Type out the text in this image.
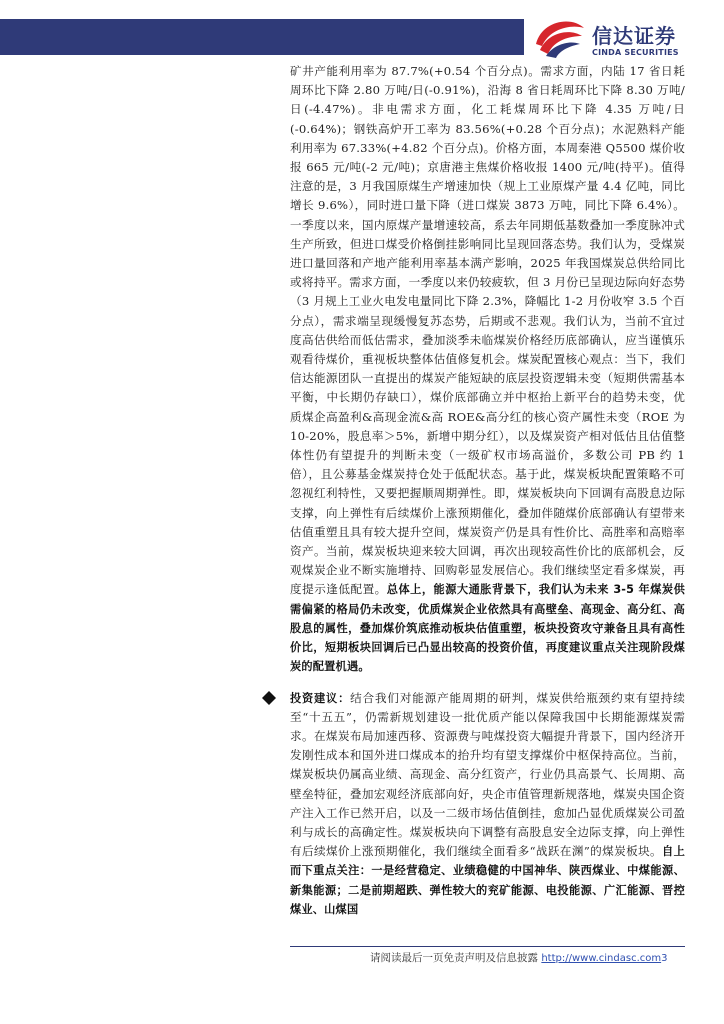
信达证券
CINDA SECURITIES

矿井产能利用率为 87.7%(+0.54 个百分点)。需求方面，内陆 17 省日耗周环比下降 2.80 万吨/日(-0.91%)，沿海 8 省日耗周环比下降 8.30 万吨/日(-4.47%)。非电需求方面，化工耗煤周环比下降 4.35 万吨/日(-0.64%)；钢铁高炉开工率为 83.56%(+0.28 个百分点)；水泥熟料产能利用率为 67.33%(+4.82 个百分点)。价格方面，本周秦港 Q5500 煤价收报 665 元/吨(-2 元/吨)；京唐港主焦煤价格收报 1400 元/吨(持平)。值得注意的是，3 月我国原煤生产增速加快（规上工业原煤产量 4.4 亿吨，同比增长 9.6%），同时进口量下降（进口煤炭 3873 万吨，同比下降 6.4%）。一季度以来，国内原煤产量增速较高，系去年同期低基数叠加一季度脉冲式生产所致，但进口煤受价格倒挂影响同比呈现回落态势。我们认为，受煤炭进口量回落和产地产能利用率基本满产影响，2025 年我国煤炭总供给同比或将持平。需求方面，一季度以来仍较疲软，但 3 月份已呈现边际向好态势（3 月规上工业火电发电量同比下降 2.3%，降幅比 1-2 月份收窄 3.5 个百分点），需求端呈现缓慢复苏态势，后期或不悲观。我们认为，当前不宜过度高估供给而低估需求，叠加淡季未临煤炭价格经历底部确认，应当谨慎乐观看待煤价，重视板块整体估值修复机会。煤炭配置核心观点：当下，我们信达能源团队一直提出的煤炭产能短缺的底层投资逻辑未变（短期供需基本平衡，中长期仍存缺口），煤价底部确立并中枢抬上新平台的趋势未变，优质煤企高盈利&高现金流&高 ROE&高分红的核心资产属性未变（ROE 为 10-20%，股息率＞5%，新增中期分红），以及煤炭资产相对低估且估值整体性仍有望提升的判断未变（一级矿权市场高溢价，多数公司 PB 约 1 倍），且公募基金煤炭持仓处于低配状态。基于此，煤炭板块配置策略不可忽视红利特性，又要把握顺周期弹性。即，煤炭板块向下回调有高股息边际支撑，向上弹性有后续煤价上涨预期催化，叠加伴随煤价底部确认有望带来估值重塑且具有较大提升空间，煤炭资产仍是具有性价比、高胜率和高赔率资产。当前，煤炭板块迎来较大回调，再次出现较高性价比的底部机会，反观煤炭企业不断实施增持、回购彰显发展信心。我们继续坚定看多煤炭，再度提示逢低配置。总体上，能源大通胀背景下，我们认为未来 3-5 年煤炭供需偏紧的格局仍未改变，优质煤炭企业依然具有高壁垒、高现金、高分红、高股息的属性，叠加煤价筑底推动板块估值重塑，板块投资攻守兼备且具有高性价比，短期板块回调后已凸显出较高的投资价值，再度建议重点关注现阶段煤炭的配置机遇。

投资建议：结合我们对能源产能周期的研判，煤炭供给瓶颈约束有望持续至“十五五”，仍需新规划建设一批优质产能以保障我国中长期能源煤炭需求。在煤炭布局加速西移、资源费与吨煤投资大幅提升背景下，国内经济开发刚性成本和国外进口煤成本的抬升均有望支撑煤价中枢保持高位。当前，煤炭板块仍属高业绩、高现金、高分红资产，行业仍具高景气、长周期、高壁垒特征，叠加宏观经济底部向好，央企市值管理新规落地，煤炭央国企资产注入工作已然开启，以及一二级市场估值倒挂，愈加凸显优质煤炭公司盈利与成长的高确定性。煤炭板块向下调整有高股息安全边际支撑，向上弹性有后续煤价上涨预期催化，我们继续全面看多“战跃在渊”的煤炭板块。自上而下重点关注：一是经营稳定、业绩稳健的中国神华、陕西煤业、中煤能源、新集能源；二是前期超跌、弹性较大的兖矿能源、电投能源、广汇能源、晋控煤业、山煤国

请阅读最后一页免责声明及信息披露 http://www.cindasc.com3
